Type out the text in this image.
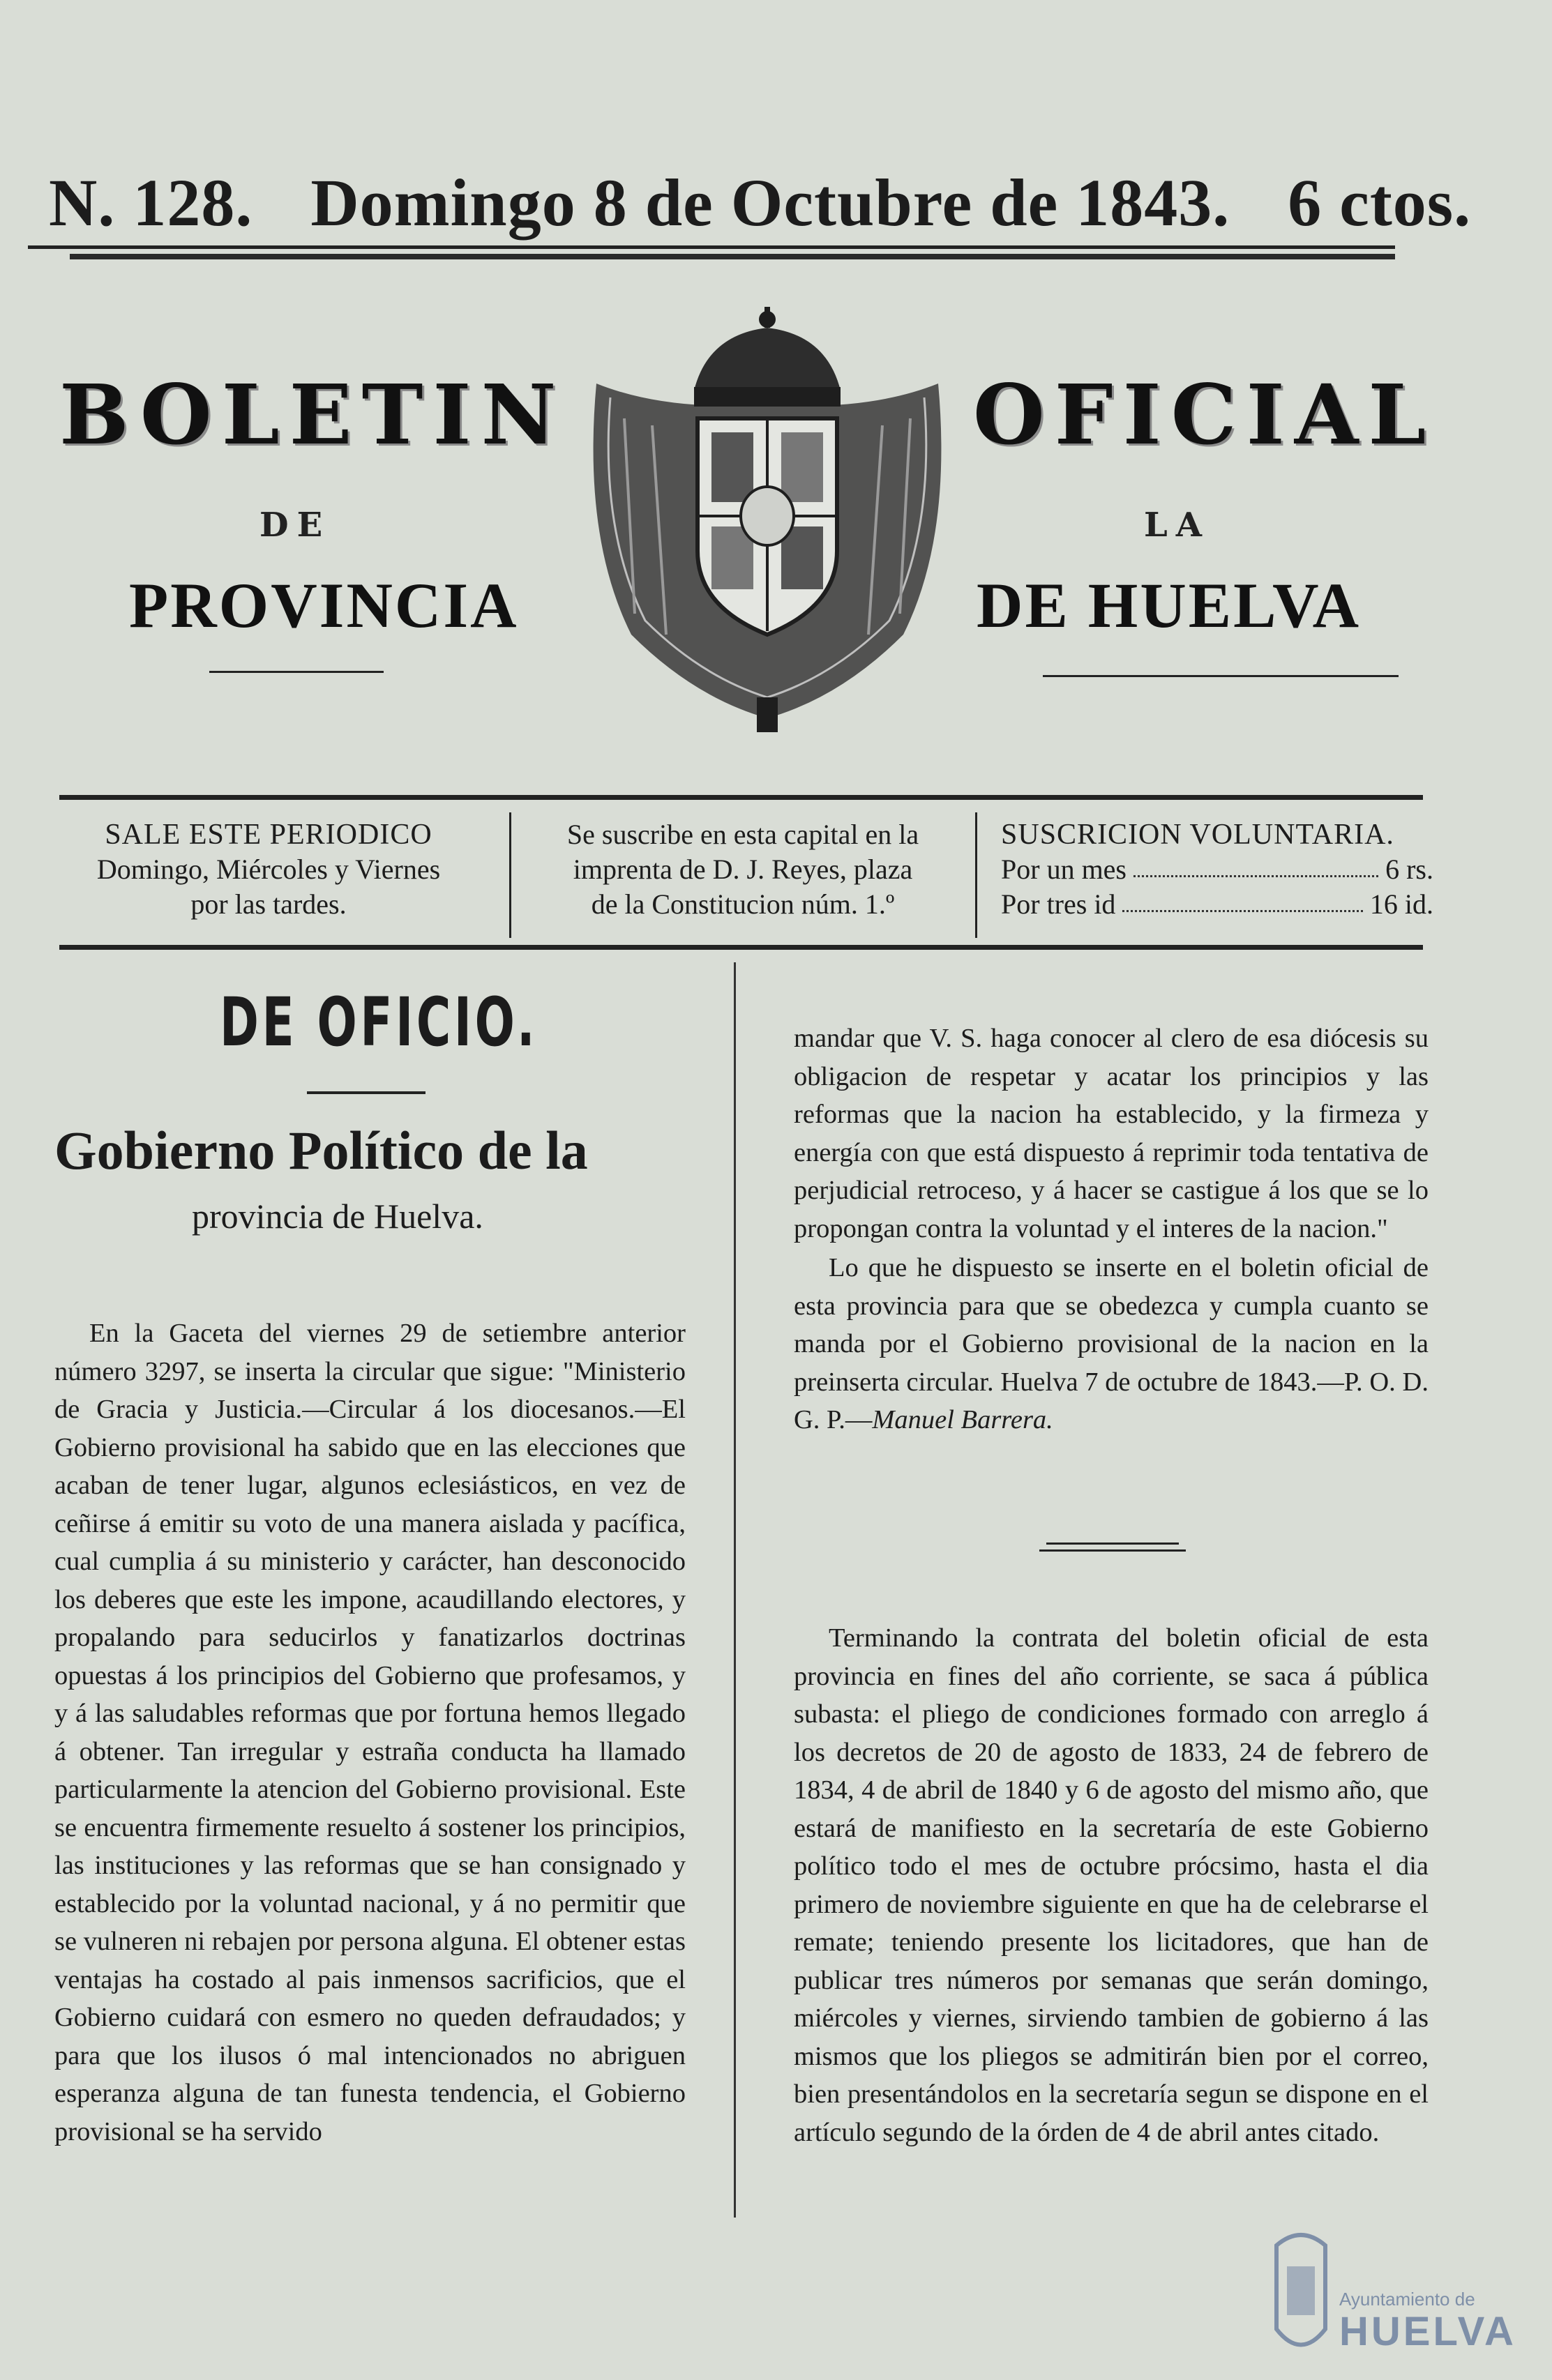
N. 128. Domingo 8 de Octubre de 1843. 6 ctos.
BOLETIN	OFICIAL
DE	LA
PROVINCIA	DE HUELVA
SALE ESTE PERIODICO
Domingo, Miércoles y Viernes
por las tardes.
Se suscribe en esta capital en la
imprenta de D. J. Reyes, plaza
de la Constitucion núm. 1.º
SUSCRICION VOLUNTARIA.
Por un mes	6 rs.
Por tres id	16 id.
DE OFICIO.
Gobierno Político de la
provincia de Huelva.

En la Gaceta del viernes 29 de setiembre anterior número 3297, se inserta la circular que sigue: "Ministerio de Gracia y Justicia.—Circular á los diocesanos.—El Gobierno provisional ha sabido que en las elecciones que acaban de tener lugar, algunos eclesiásticos, en vez de ceñirse á emitir su voto de una manera aislada y pacífica, cual cumplia á su ministerio y carácter, han desconocido los deberes que este les impone, acaudillando electores, y propalando para seducirlos y fanatizarlos doctrinas opuestas á los principios del Gobierno que profesamos, y y á las saludables reformas que por fortuna hemos llegado á obtener. Tan irregular y estraña conducta ha llamado particularmente la atencion del Gobierno provisional. Este se encuentra firmemente resuelto á sostener los principios, las instituciones y las reformas que se han consignado y establecido por la voluntad nacional, y á no permitir que se vulneren ni rebajen por persona alguna. El obtener estas ventajas ha costado al pais inmensos sacrificios, que el Gobierno cuidará con esmero no queden defraudados; y para que los ilusos ó mal intencionados no abriguen esperanza alguna de tan funesta tendencia, el Gobierno provisional se ha servido

mandar que V. S. haga conocer al clero de esa diócesis su obligacion de respetar y acatar los principios y las reformas que la nacion ha establecido, y la firmeza y energía con que está dispuesto á reprimir toda tentativa de perjudicial retroceso, y á hacer se castigue á los que se lo propongan contra la voluntad y el interes de la nacion."

Lo que he dispuesto se inserte en el boletin oficial de esta provincia para que se obedezca y cumpla cuanto se manda por el Gobierno provisional de la nacion en la preinserta circular. Huelva 7 de octubre de 1843.—P. O. D. G. P.—Manuel Barrera.

Terminando la contrata del boletin oficial de esta provincia en fines del año corriente, se saca á pública subasta: el pliego de condiciones formado con arreglo á los decretos de 20 de agosto de 1833, 24 de febrero de 1834, 4 de abril de 1840 y 6 de agosto del mismo año, que estará de manifiesto en la secretaría de este Gobierno político todo el mes de octubre prócsimo, hasta el dia primero de noviembre siguiente en que ha de celebrarse el remate; teniendo presente los licitadores, que han de publicar tres números por semanas que serán domingo, miércoles y viernes, sirviendo tambien de gobierno á las mismos que los pliegos se admitirán bien por el correo, bien presentándolos en la secretaría segun se dispone en el artículo segundo de la órden de 4 de abril antes citado.

Ayuntamiento de
HUELVA
